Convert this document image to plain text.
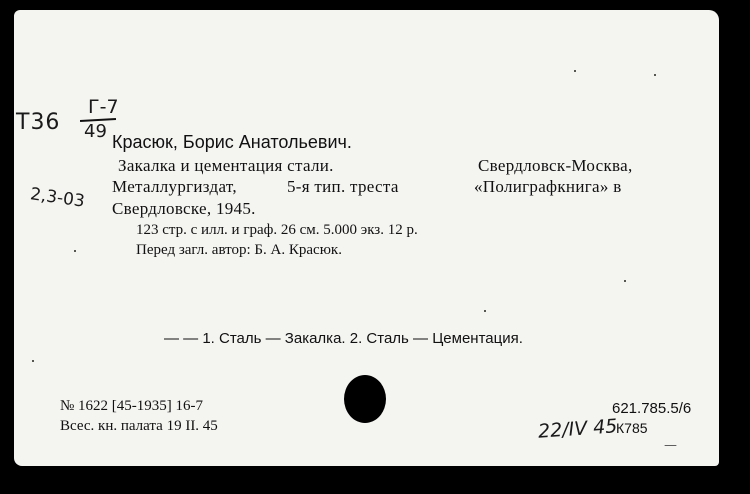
Т36
Г-7
49
2,3-03
Красюк, Борис Анатольевич.
Закалка и цементация стали.	Свердловск-Москва,
Металлургиздат,	5-я тип. треста	«Полиграфкнига» в
Свердловске, 1945.
123 стр. с илл. и граф. 26 см. 5.000 экз. 12 р.
Перед загл. автор: Б. А. Красюк.
— — 1. Сталь — Закалка. 2. Сталь — Цементация.
№ 1622 [45-1935] 16-7
Всес. кн. палата 19 II. 45
621.785.5/6
К785
22/IV 45
—
